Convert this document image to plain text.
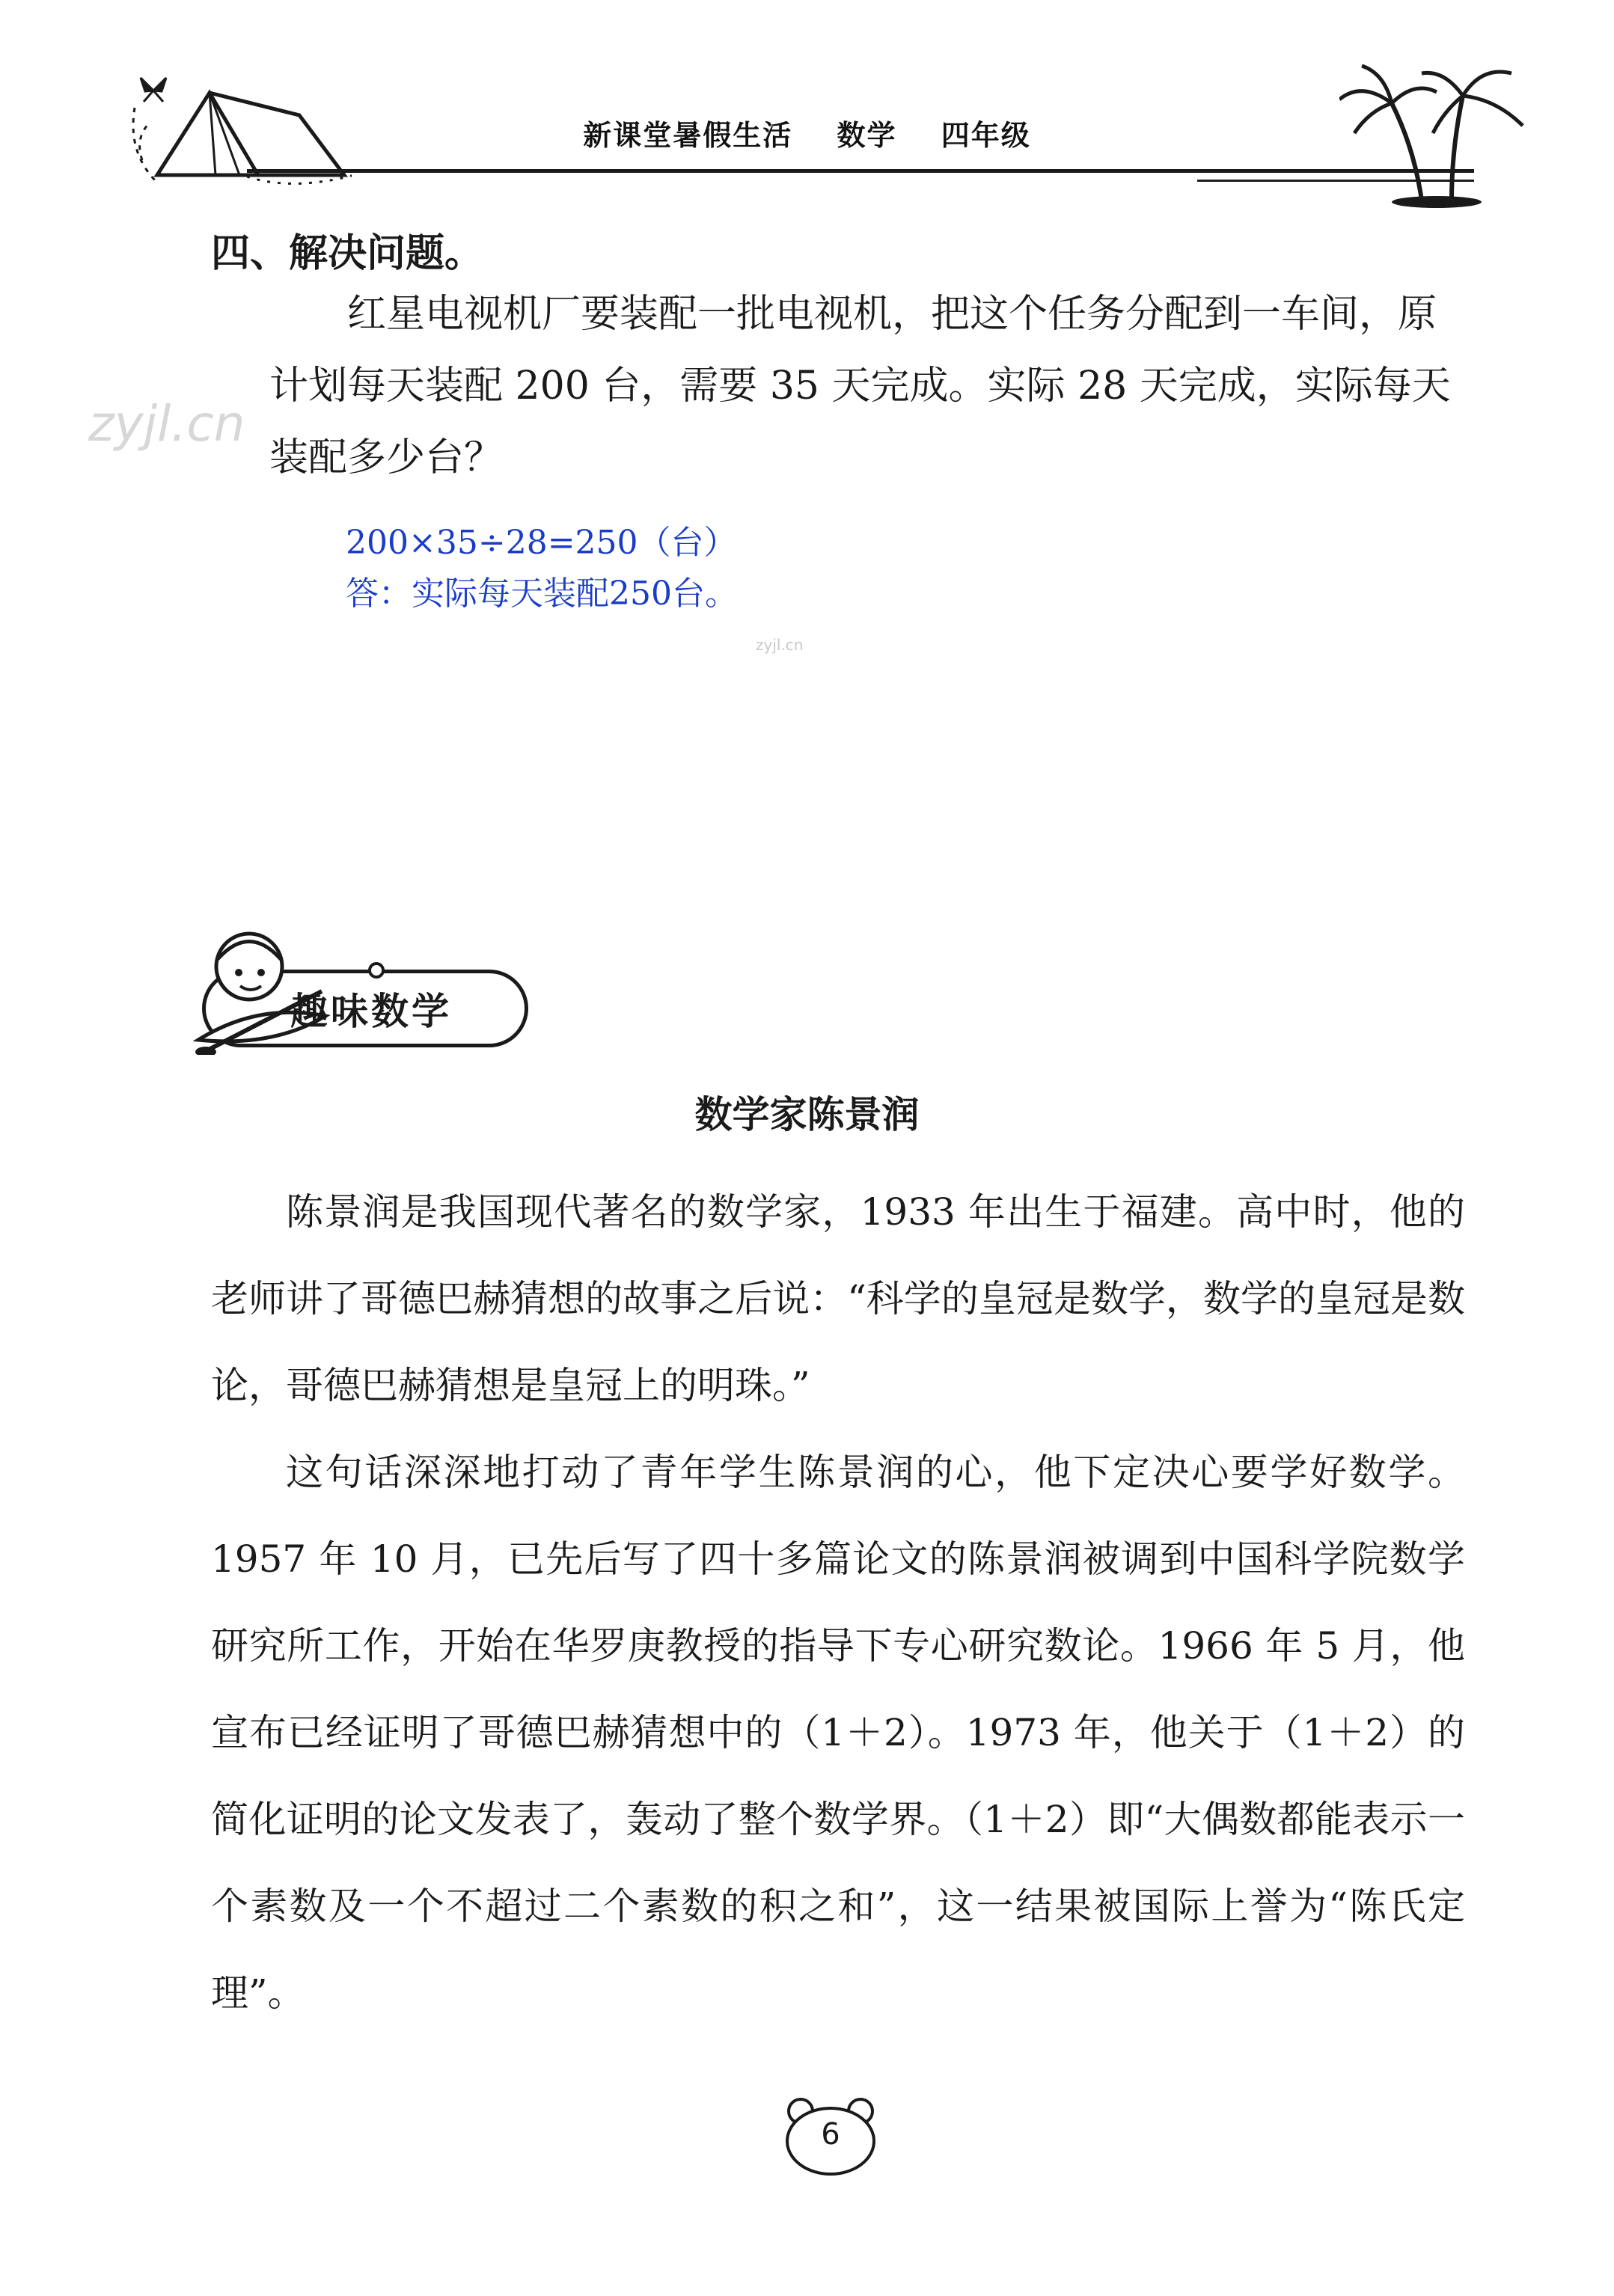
新课堂暑假生活 数学 四年级
四、解决问题。

红星电视机厂要装配一批电视机，把这个任务分配到一车间，原计划每天装配 200 台，需要 35 天完成。实际 28 天完成，实际每天装配多少台？

zyjl.cn
200×35÷28=250（台）
答：实际每天装配250台。
zyjl.cn
趣味数学
数学家陈景润

陈景润是我国现代著名的数学家，1933 年出生于福建。高中时，他的老师讲了哥德巴赫猜想的故事之后说：“科学的皇冠是数学，数学的皇冠是数论，哥德巴赫猜想是皇冠上的明珠。”

这句话深深地打动了青年学生陈景润的心，他下定决心要学好数学。1957 年 10 月，已先后写了四十多篇论文的陈景润被调到中国科学院数学研究所工作，开始在华罗庚教授的指导下专心研究数论。1966 年 5 月，他宣布已经证明了哥德巴赫猜想中的（1＋2）。1973 年，他关于（1＋2）的简化证明的论文发表了，轰动了整个数学界。（1＋2）即“大偶数都能表示一个素数及一个不超过二个素数的积之和”，这一结果被国际上誉为“陈氏定理”。

6
